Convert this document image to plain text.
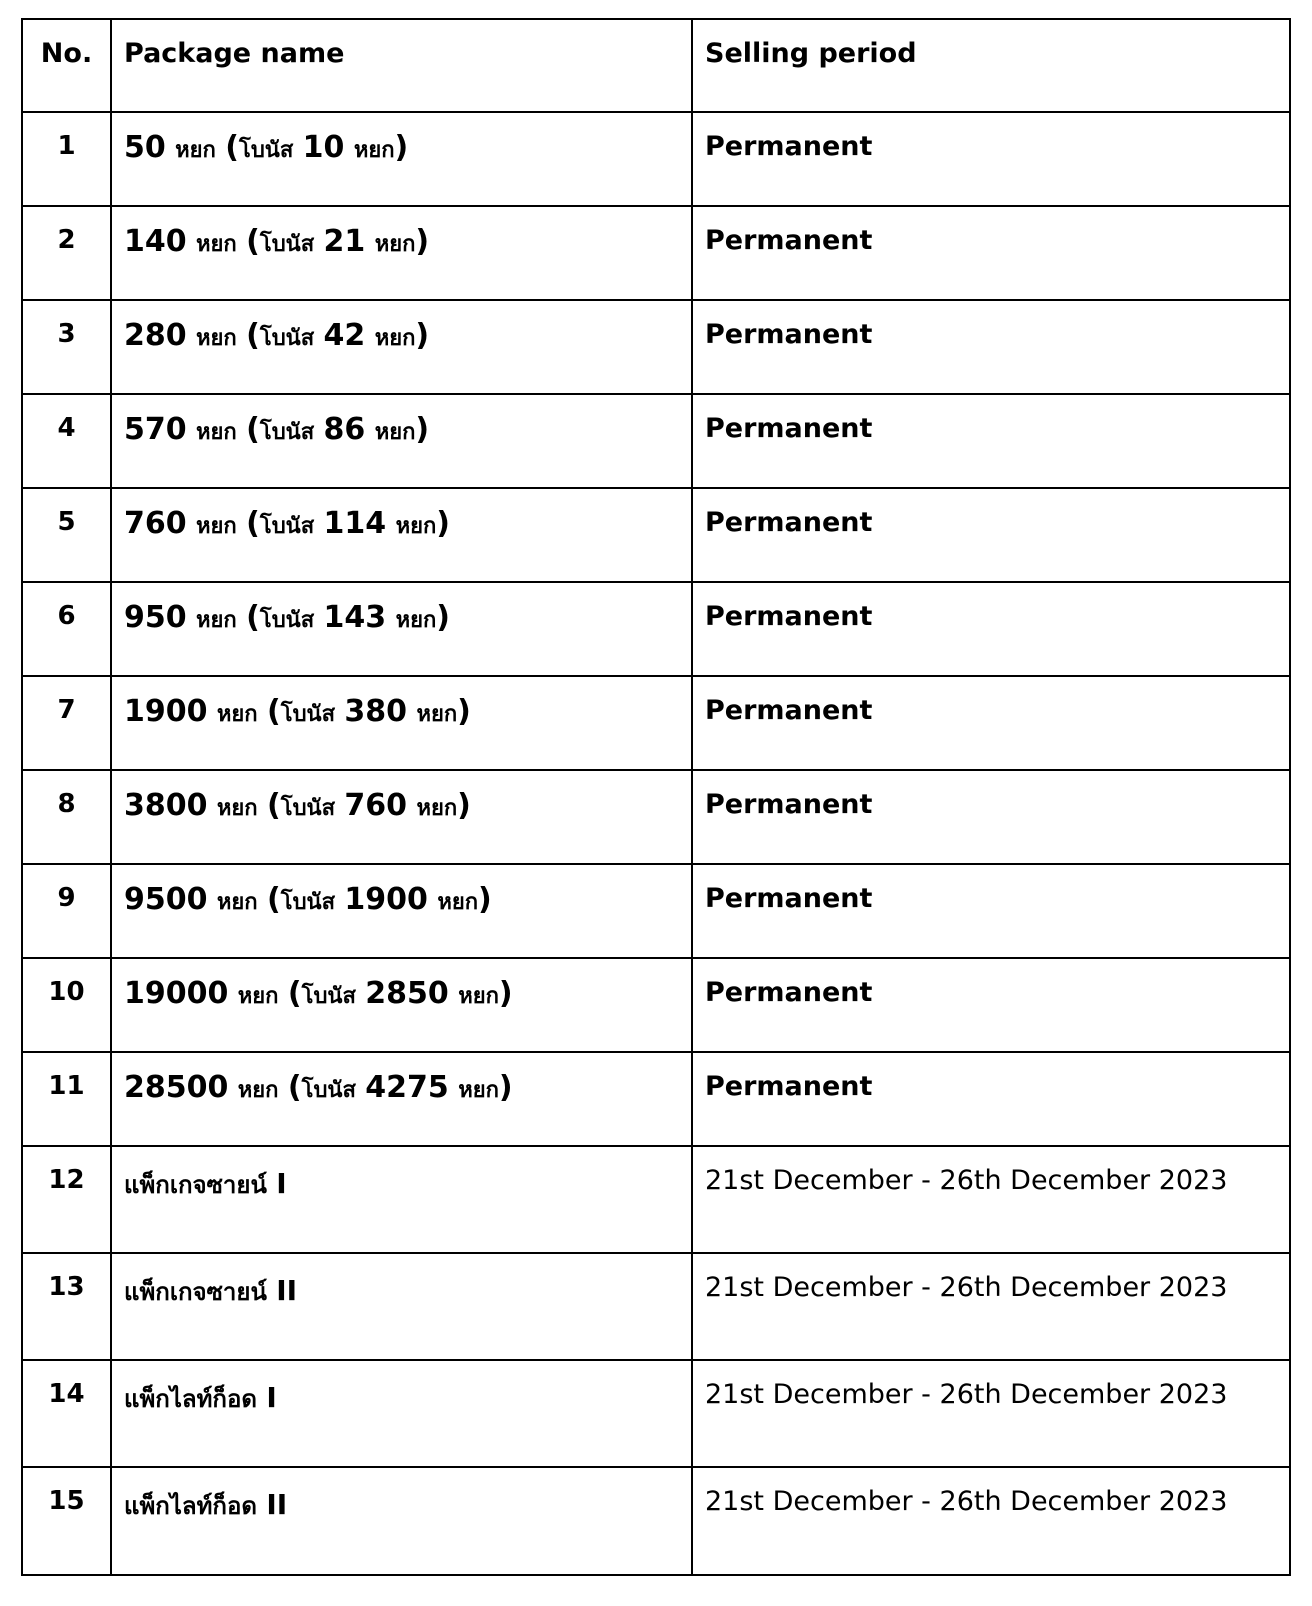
No.	Package name	Selling period
1	50 หยก (โบนัส 10 หยก)	Permanent
2	140 หยก (โบนัส 21 หยก)	Permanent
3	280 หยก (โบนัส 42 หยก)	Permanent
4	570 หยก (โบนัส 86 หยก)	Permanent
5	760 หยก (โบนัส 114 หยก)	Permanent
6	950 หยก (โบนัส 143 หยก)	Permanent
7	1900 หยก (โบนัส 380 หยก)	Permanent
8	3800 หยก (โบนัส 760 หยก)	Permanent
9	9500 หยก (โบนัส 1900 หยก)	Permanent
10	19000 หยก (โบนัส 2850 หยก)	Permanent
11	28500 หยก (โบนัส 4275 หยก)	Permanent
12	แพ็กเกจซายน์ I	21st December - 26th December 2023
13	แพ็กเกจซายน์ II	21st December - 26th December 2023
14	แพ็กไลท์ก็อด I	21st December - 26th December 2023
15	แพ็กไลท์ก็อด II	21st December - 26th December 2023
